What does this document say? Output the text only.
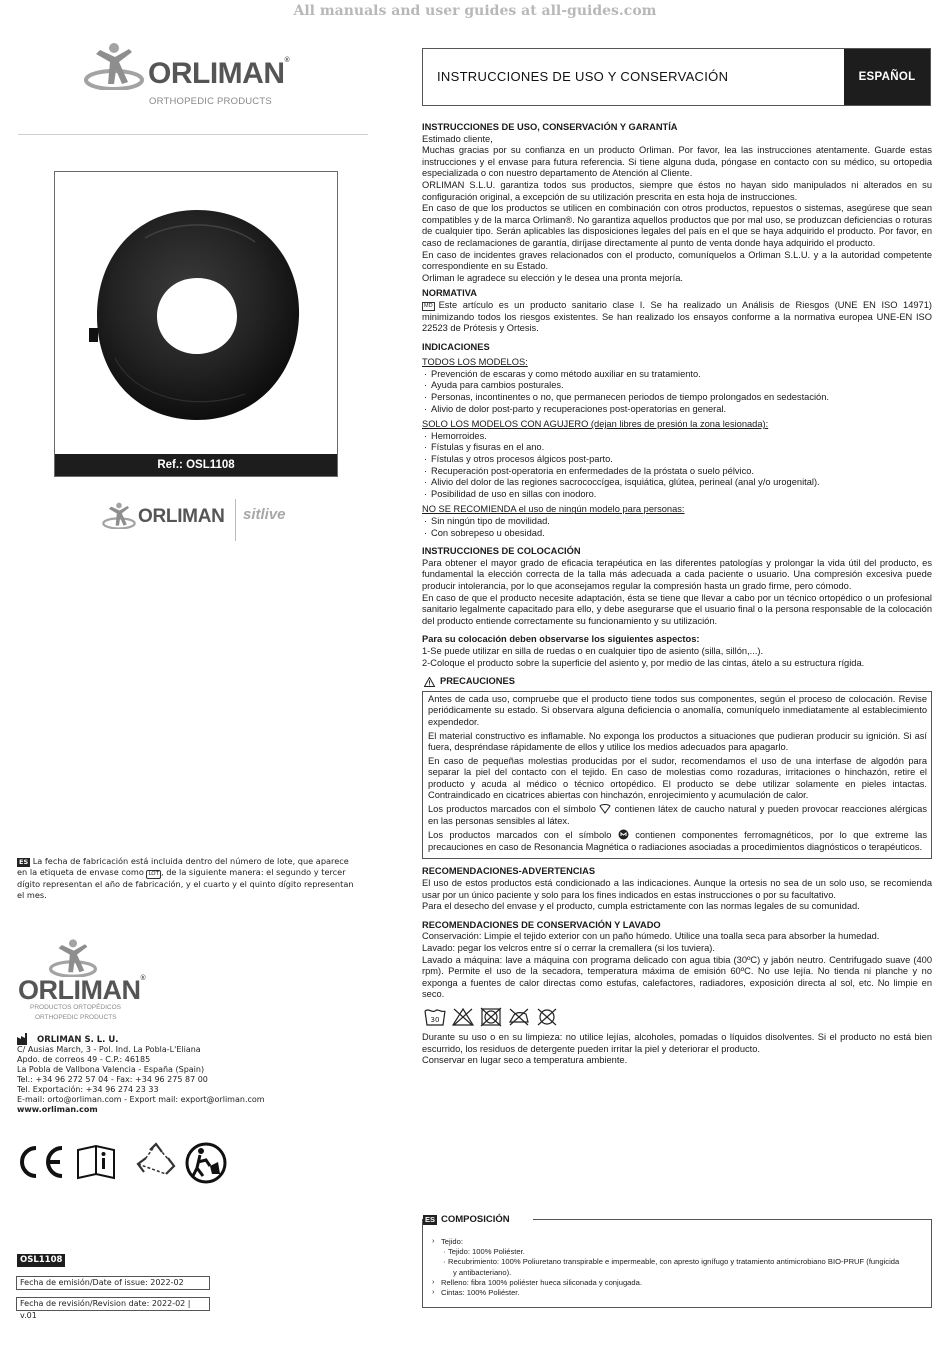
All manuals and user guides at all-guides.com
ORLIMAN®
ORTHOPEDIC PRODUCTS
Ref.: OSL1108
ORLIMAN sitlive
ES La fecha de fabricación está incluida dentro del número de lote, que aparece en la etiqueta de envase como LOT , de la siguiente manera: el segundo y tercer dígito representan el año de fabricación, y el cuarto y el quinto dígito representan el mes.
ORLIMAN®
PRODUCTOS ORTOPÉDICOS
ORTHOPEDIC PRODUCTS
ORLIMAN S. L. U.
C/ Ausias March, 3 - Pol. Ind. La Pobla-L'Eliana
Apdo. de correos 49 - C.P.: 46185
La Pobla de Vallbona Valencia - España (Spain)
Tel.: +34 96 272 57 04 - Fax: +34 96 275 87 00
Tel. Exportación: +34 96 274 23 33
E-mail: orto@orliman.com - Export mail: export@orliman.com
www.orliman.com
OSL1108
Fecha de emisión/Date of issue: 2022-02
Fecha de revisión/Revision date: 2022-02 | v.01
INSTRUCCIONES DE USO Y CONSERVACIÓN	ESPAÑOL
INSTRUCCIONES DE USO, CONSERVACIÓN Y GARANTÍA

Estimado cliente,

Muchas gracias por su confianza en un producto Orliman. Por favor, lea las instrucciones atentamente. Guarde estas instrucciones y el envase para futura referencia. Si tiene alguna duda, póngase en contacto con su médico, su ortopedia especializada o con nuestro departamento de Atención al Cliente.

ORLIMAN S.L.U. garantiza todos sus productos, siempre que éstos no hayan sido manipulados ni alterados en su configuración original, a excepción de su utilización prescrita en esta hoja de instrucciones.

En caso de que los productos se utilicen en combinación con otros productos, repuestos o sistemas, asegúrese que sean compatibles y de la marca Orliman®. No garantiza aquellos productos que por mal uso, se produzcan deficiencias o roturas de cualquier tipo. Serán aplicables las disposiciones legales del país en el que se haya adquirido el producto. Por favor, en caso de reclamaciones de garantía, diríjase directamente al punto de venta donde haya adquirido el producto.

En caso de incidentes graves relacionados con el producto, comuníquelos a Orliman S.L.U. y a la autoridad competente correspondiente en su Estado.

Orliman le agradece su elección y le desea una pronta mejoría.

NORMATIVA

MD Este artículo es un producto sanitario clase I. Se ha realizado un Análisis de Riesgos (UNE EN ISO 14971) minimizando todos los riesgos existentes. Se han realizado los ensayos conforme a la normativa europea UNE-EN ISO 22523 de Prótesis y Ortesis.

INDICACIONES

TODOS LOS MODELOS:

· Prevención de escaras y como método auxiliar en su tratamiento.
· Ayuda para cambios posturales.
· Personas, incontinentes o no, que permanecen periodos de tiempo prolongados en sedestación.
· Alivio de dolor post-parto y recuperaciones post-operatorias en general.

SOLO LOS MODELOS CON AGUJERO (dejan libres de presión la zona lesionada):

· Hemorroides.
· Fístulas y fisuras en el ano.
· Fístulas y otros procesos álgicos post-parto.
· Recuperación post-operatoria en enfermedades de la próstata o suelo pélvico.
· Alivio del dolor de las regiones sacrococcígea, isquiática, glútea, perineal (anal y/o urogenital).
· Posibilidad de uso en sillas con inodoro.

NO SE RECOMIENDA el uso de ningún modelo para personas:

· Sin ningún tipo de movilidad.
· Con sobrepeso u obesidad.
INSTRUCCIONES DE COLOCACIÓN

Para obtener el mayor grado de eficacia terapéutica en las diferentes patologías y prolongar la vida útil del producto, es fundamental la elección correcta de la talla más adecuada a cada paciente o usuario. Una compresión excesiva puede producir intolerancia, por lo que aconsejamos regular la compresión hasta un grado firme, pero cómodo.

En caso de que el producto necesite adaptación, ésta se tiene que llevar a cabo por un técnico ortopédico o un profesional sanitario legalmente capacitado para ello, y debe asegurarse que el usuario final o la persona responsable de la colocación del producto entiende correctamente su funcionamiento y su utilización.

Para su colocación deben observarse los siguientes aspectos:

1-Se puede utilizar en silla de ruedas o en cualquier tipo de asiento (silla, sillón,...).

2-Coloque el producto sobre la superficie del asiento y, por medio de las cintas, átelo a su estructura rígida.

PRECAUCIONES

Antes de cada uso, compruebe que el producto tiene todos sus componentes, según el proceso de colocación. Revise periódicamente su estado. Si observara alguna deficiencia o anomalía, comuníquelo inmediatamente al establecimiento expendedor.

El material constructivo es inflamable. No exponga los productos a situaciones que pudieran producir su ignición. Si así fuera, despréndase rápidamente de ellos y utilice los medios adecuados para apagarlo.

En caso de pequeñas molestias producidas por el sudor, recomendamos el uso de una interfase de algodón para separar la piel del contacto con el tejido. En caso de molestias como rozaduras, irritaciones o hinchazón, retire el producto y acuda al médico o técnico ortopédico. El producto se debe utilizar solamente en pieles intactas. Contraindicado en cicatrices abiertas con hinchazón, enrojecimiento y acumulación de calor.

Los productos marcados con el símbolo contienen látex de caucho natural y pueden provocar reacciones alérgicas en las personas sensibles al látex.

Los productos marcados con el símbolo	contienen componentes ferromagnéticos, por lo que extreme las precauciones en caso de Resonancia Magnética o radiaciones asociadas a procedimientos diagnósticos o terapéuticos.

RECOMENDACIONES-ADVERTENCIAS

El uso de estos productos está condicionado a las indicaciones. Aunque la ortesis no sea de un solo uso, se recomienda usar por un único paciente y solo para los fines indicados en estas instrucciones o por su facultativo.

Para el desecho del envase y el producto, cumpla estrictamente con las normas legales de su comunidad.

RECOMENDACIONES DE CONSERVACIÓN Y LAVADO

Conservación: Limpie el tejido exterior con un paño húmedo. Utilice una toalla seca para absorber la humedad.

Lavado: pegar los velcros entre sí o cerrar la cremallera (si los tuviera).

Lavado a máquina: lave a máquina con programa delicado con agua tibia (30ºC) y jabón neutro. Centrifugado suave (400 rpm). Permite el uso de la secadora, temperatura máxima de emisión 60ºC. No use lejía. No tienda ni planche y no exponga a fuentes de calor directas como estufas, calefactores, radiadores, exposición directa al sol, etc. No limpie en seco.

30

Durante su uso o en su limpieza: no utilice lejías, alcoholes, pomadas o líquidos disolventes. Si el producto no está bien escurrido, los residuos de detergente pueden irritar la piel y deteriorar el producto.

Conservar en lugar seco a temperatura ambiente.

ES COMPOSICIÓN
› Tejido:
· Tejido: 100% Poliéster.
· Recubrimiento: 100% Poliuretano transpirable e impermeable, con apresto ignífugo y tratamiento antimicrobiano BIO-PRUF (fungicida
y antibacteriano).
› Relleno: fibra 100% poliéster hueca siliconada y conjugada.
› Cintas: 100% Poliéster.
